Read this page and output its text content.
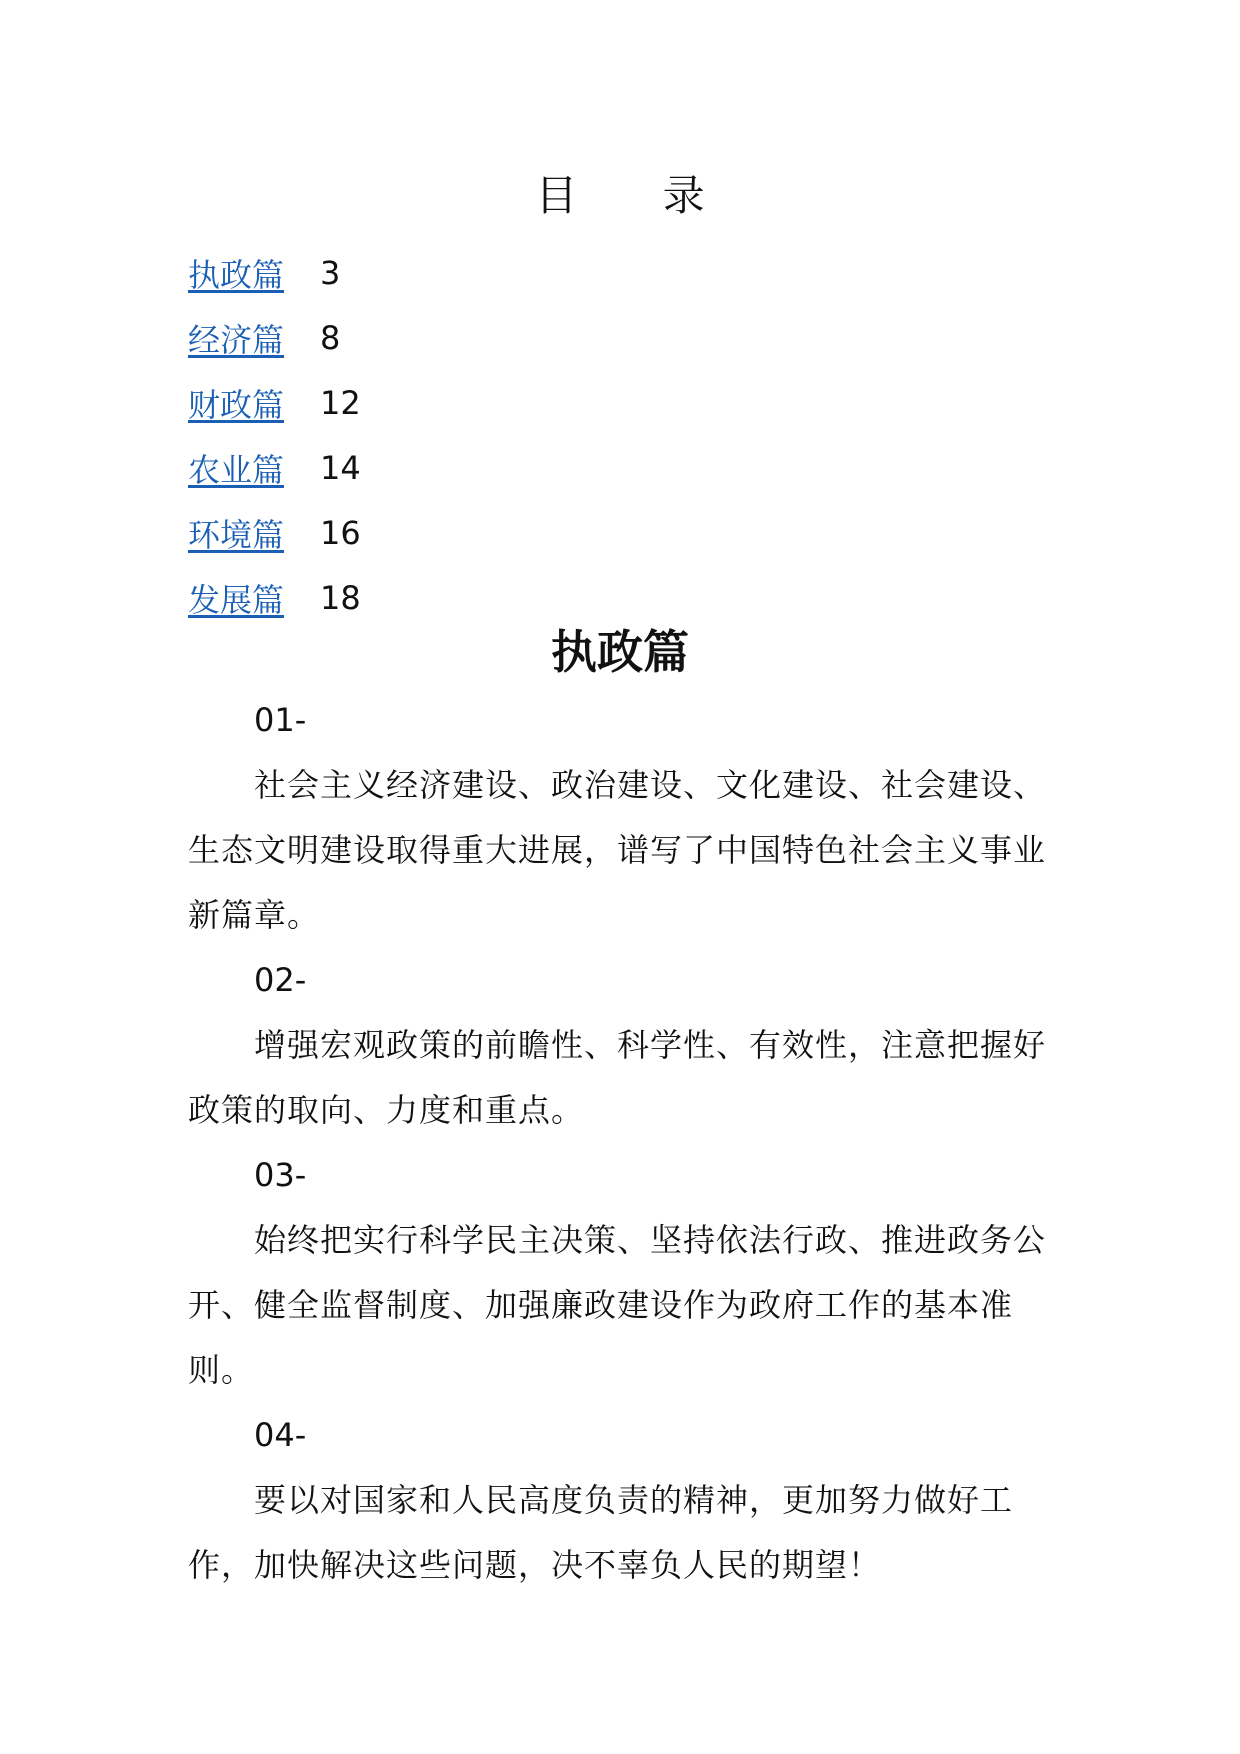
目 录
执政篇	3
经济篇	8
财政篇	12
农业篇	14
环境篇	16
发展篇	18
执政篇
01-

社会主义经济建设、政治建设、文化建设、社会建设、生态文明建设取得重大进展，谱写了中国特色社会主义事业新篇章。

02-

增强宏观政策的前瞻性、科学性、有效性，注意把握好政策的取向、力度和重点。

03-

始终把实行科学民主决策、坚持依法行政、推进政务公开、健全监督制度、加强廉政建设作为政府工作的基本准则。

04-

要以对国家和人民高度负责的精神，更加努力做好工作，加快解决这些问题，决不辜负人民的期望！
